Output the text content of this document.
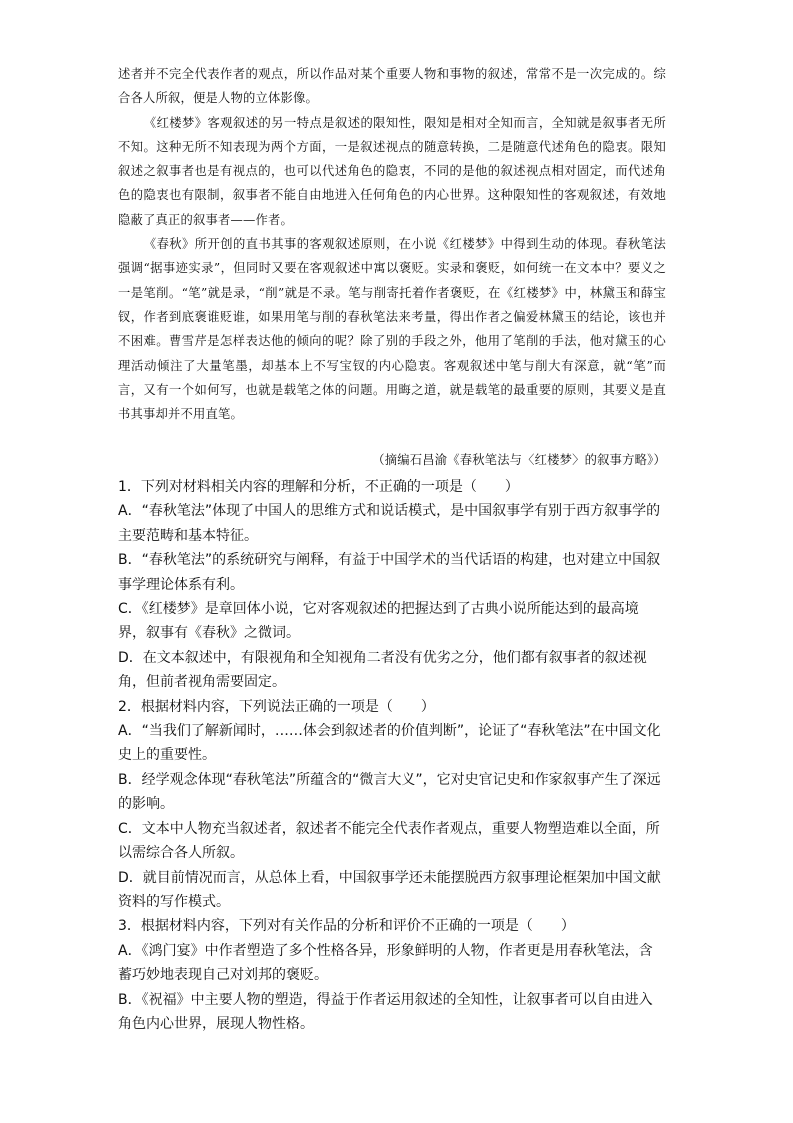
述者并不完全代表作者的观点，所以作品对某个重要人物和事物的叙述，常常不是一次完成的。综合各人所叙，便是人物的立体影像。

《红楼梦》客观叙述的另一特点是叙述的限知性，限知是相对全知而言，全知就是叙事者无所不知。这种无所不知表现为两个方面，一是叙述视点的随意转换，二是随意代述角色的隐衷。限知叙述之叙事者也是有视点的，也可以代述角色的隐衷，不同的是他的叙述视点相对固定，而代述角色的隐衷也有限制，叙事者不能自由地进入任何角色的内心世界。这种限知性的客观叙述，有效地隐蔽了真正的叙事者——作者。

《春秋》所开创的直书其事的客观叙述原则，在小说《红楼梦》中得到生动的体现。春秋笔法强调“据事迹实录”，但同时又要在客观叙述中寓以褒贬。实录和褒贬，如何统一在文本中？要义之一是笔削。“笔”就是录，“削”就是不录。笔与削寄托着作者褒贬，在《红楼梦》中，林黛玉和薛宝钗，作者到底褒谁贬谁，如果用笔与削的春秋笔法来考量，得出作者之偏爱林黛玉的结论，该也并不困难。曹雪芹是怎样表达他的倾向的呢？除了别的手段之外，他用了笔削的手法，他对黛玉的心理活动倾注了大量笔墨，却基本上不写宝钗的内心隐衷。客观叙述中笔与削大有深意，就“笔”而言，又有一个如何写，也就是载笔之体的问题。用晦之道，就是载笔的最重要的原则，其要义是直书其事却并不用直笔。

（摘编石昌渝《春秋笔法与〈红楼梦〉的叙事方略》）

1．下列对材料相关内容的理解和分析，不正确的一项是（　　）

A．“春秋笔法”体现了中国人的思维方式和说话模式，是中国叙事学有别于西方叙事学的主要范畴和基本特征。

B．“春秋笔法”的系统研究与阐释，有益于中国学术的当代话语的构建，也对建立中国叙事学理论体系有利。

C．《红楼梦》是章回体小说，它对客观叙述的把握达到了古典小说所能达到的最高境界，叙事有《春秋》之微词。

D．在文本叙述中，有限视角和全知视角二者没有优劣之分，他们都有叙事者的叙述视角，但前者视角需要固定。

2．根据材料内容，下列说法正确的一项是（　　）

A．“当我们了解新闻时，……体会到叙述者的价值判断”，论证了“春秋笔法”在中国文化史上的重要性。

B．经学观念体现“春秋笔法”所蕴含的“微言大义”，它对史官记史和作家叙事产生了深远的影响。

C．文本中人物充当叙述者，叙述者不能完全代表作者观点，重要人物塑造难以全面，所以需综合各人所叙。

D．就目前情况而言，从总体上看，中国叙事学还未能摆脱西方叙事理论框架加中国文献资料的写作模式。

3．根据材料内容，下列对有关作品的分析和评价不正确的一项是（　　）

A．《鸿门宴》中作者塑造了多个性格各异，形象鲜明的人物，作者更是用春秋笔法，含蓄巧妙地表现自己对刘邦的褒贬。

B．《祝福》中主要人物的塑造，得益于作者运用叙述的全知性，让叙事者可以自由进入角色内心世界，展现人物性格。
